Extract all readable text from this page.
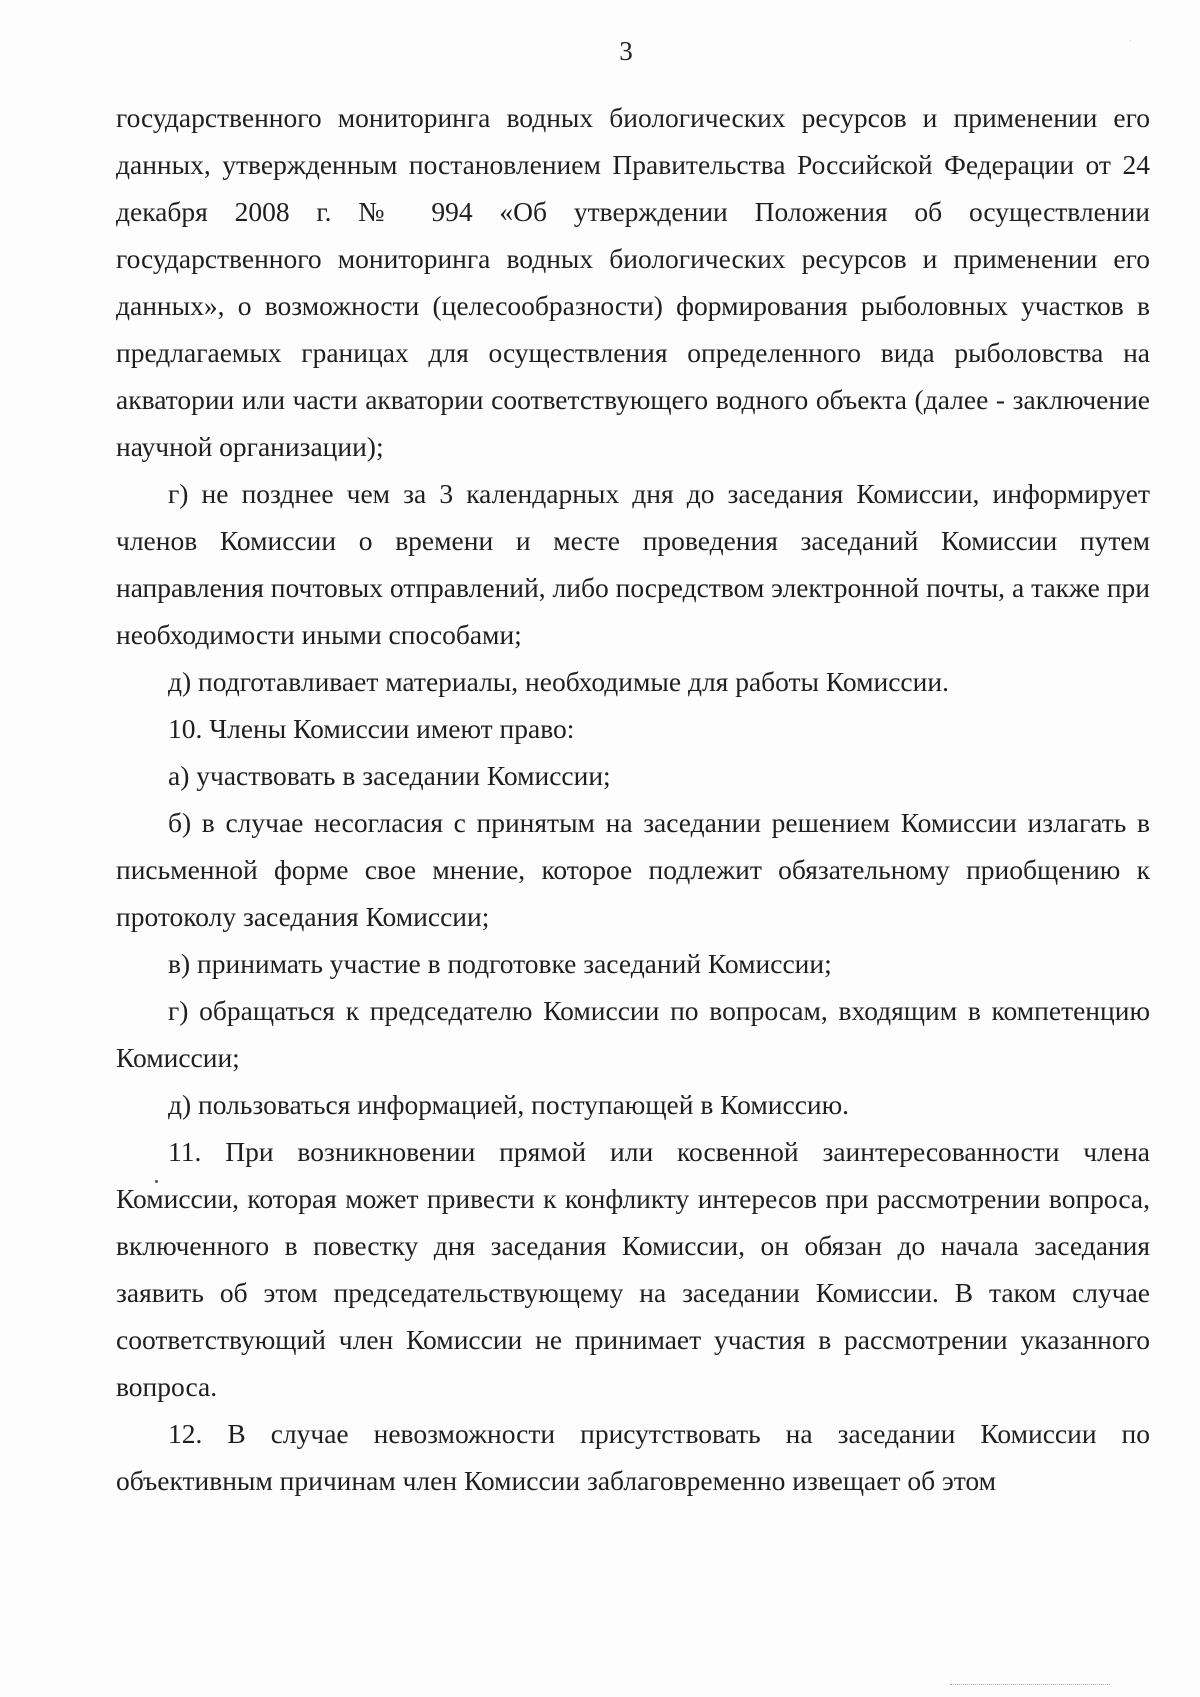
3

государственного мониторинга водных биологических ресурсов и применении его данных, утвержденным постановлением Правительства Российской Федерации от 24 декабря 2008 г. № 994 «Об утверждении Положения об осуществлении государственного мониторинга водных биологических ресурсов и применении его данных», о возможности (целесообразности) формирования рыболовных участков в предлагаемых границах для осуществления определенного вида рыболовства на акватории или части акватории соответствующего водного объекта (далее - заключение научной организации);

г) не позднее чем за 3 календарных дня до заседания Комиссии, информирует членов Комиссии о времени и месте проведения заседаний Комиссии путем направления почтовых отправлений, либо посредством электронной почты, а также при необходимости иными способами;

д) подготавливает материалы, необходимые для работы Комиссии.

10. Члены Комиссии имеют право:

а) участвовать в заседании Комиссии;

б) в случае несогласия с принятым на заседании решением Комиссии излагать в письменной форме свое мнение, которое подлежит обязательному приобщению к протоколу заседания Комиссии;

в) принимать участие в подготовке заседаний Комиссии;

г) обращаться к председателю Комиссии по вопросам, входящим в компетенцию Комиссии;

д) пользоваться информацией, поступающей в Комиссию.

11. При возникновении прямой или косвенной заинтересованности члена Комиссии, которая может привести к конфликту интересов при рассмотрении вопроса, включенного в повестку дня заседания Комиссии, он обязан до начала заседания заявить об этом председательствующему на заседании Комиссии. В таком случае соответствующий член Комиссии не принимает участия в рассмотрении указанного вопроса.

12. В случае невозможности присутствовать на заседании Комиссии по объективным причинам член Комиссии заблаговременно извещает об этом
